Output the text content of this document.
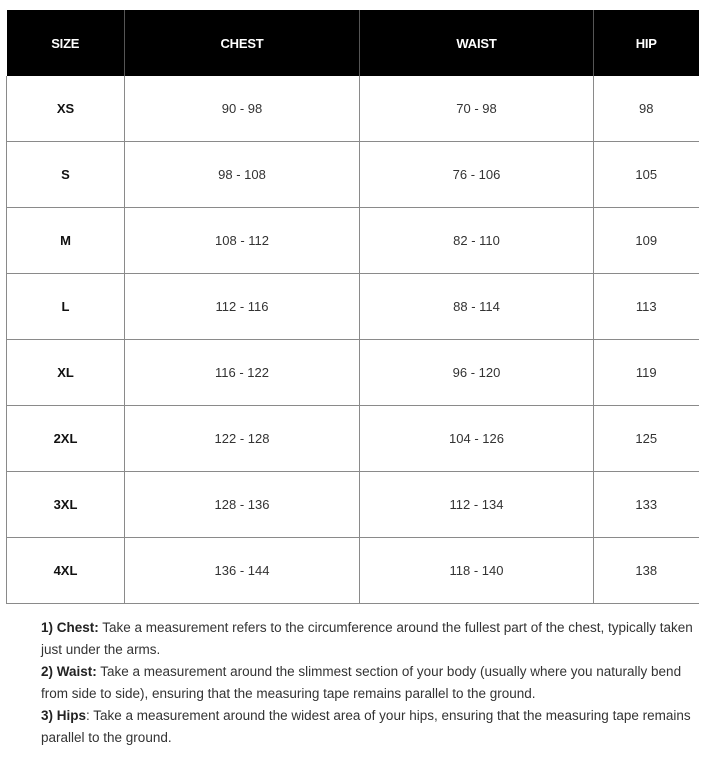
SIZE	CHEST	WAIST	HIP
XS	90 - 98	70 - 98	98
S	98 - 108	76 - 106	105
M	108 - 112	82 - 110	109
L	112 - 116	88 - 114	113
XL	116 - 122	96 - 120	119
2XL	122 - 128	104 - 126	125
3XL	128 - 136	112 - 134	133
4XL	136 - 144	118 - 140	138

1) Chest: Take a measurement refers to the circumference around the fullest part of the chest, typically taken just under the arms.

2) Waist: Take a measurement around the slimmest section of your body (usually where you naturally bend from side to side), ensuring that the measuring tape remains parallel to the ground.

3) Hips: Take a measurement around the widest area of your hips, ensuring that the measuring tape remains parallel to the ground.
